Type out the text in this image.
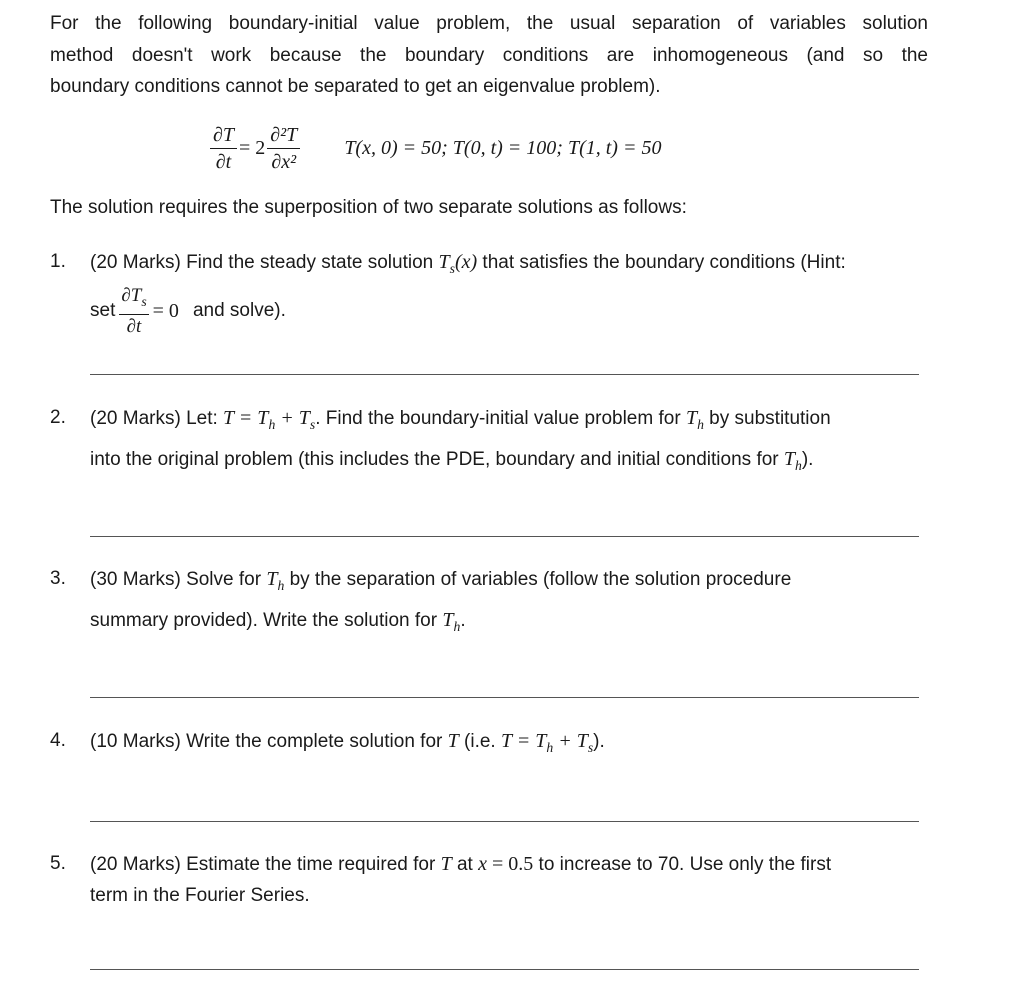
For the following boundary-initial value problem, the usual separation of variables solution
method doesn't work because the boundary conditions are inhomogeneous (and so the
boundary conditions cannot be separated to get an eigenvalue problem).
$\frac{\partial T}{\partial t} = 2 \frac{\text{∂²T}}{\text{∂x²}} T(x$, 0) = 50; T(0, t) = 100; T(1, t) = 50
The solution requires the superposition of two separate solutions as follows:
1. (20 Marks) Find the steady state solution $T_s(x)$ that satisfies the boundary conditions (Hint:
set $\frac{\partial T_s}{\partial t} = 0$ and solve).
2. (20 Marks) Let: $T = T_h + T_s$. Find the boundary-initial value problem for $T_h$ by substitution
into the original problem (this includes the PDE, boundary and initial conditions for $T_h$).
3. (30 Marks) Solve for $T_h$ by the separation of variables (follow the solution procedure
summary provided). Write the solution for $T_h$.
4. (10 Marks) Write the complete solution for T (i.e. $T = T_h + T_s$).
5. (20 Marks) Estimate the time required for T at x = 0.5 to increase to 70. Use only the first
term in the Fourier Series.
